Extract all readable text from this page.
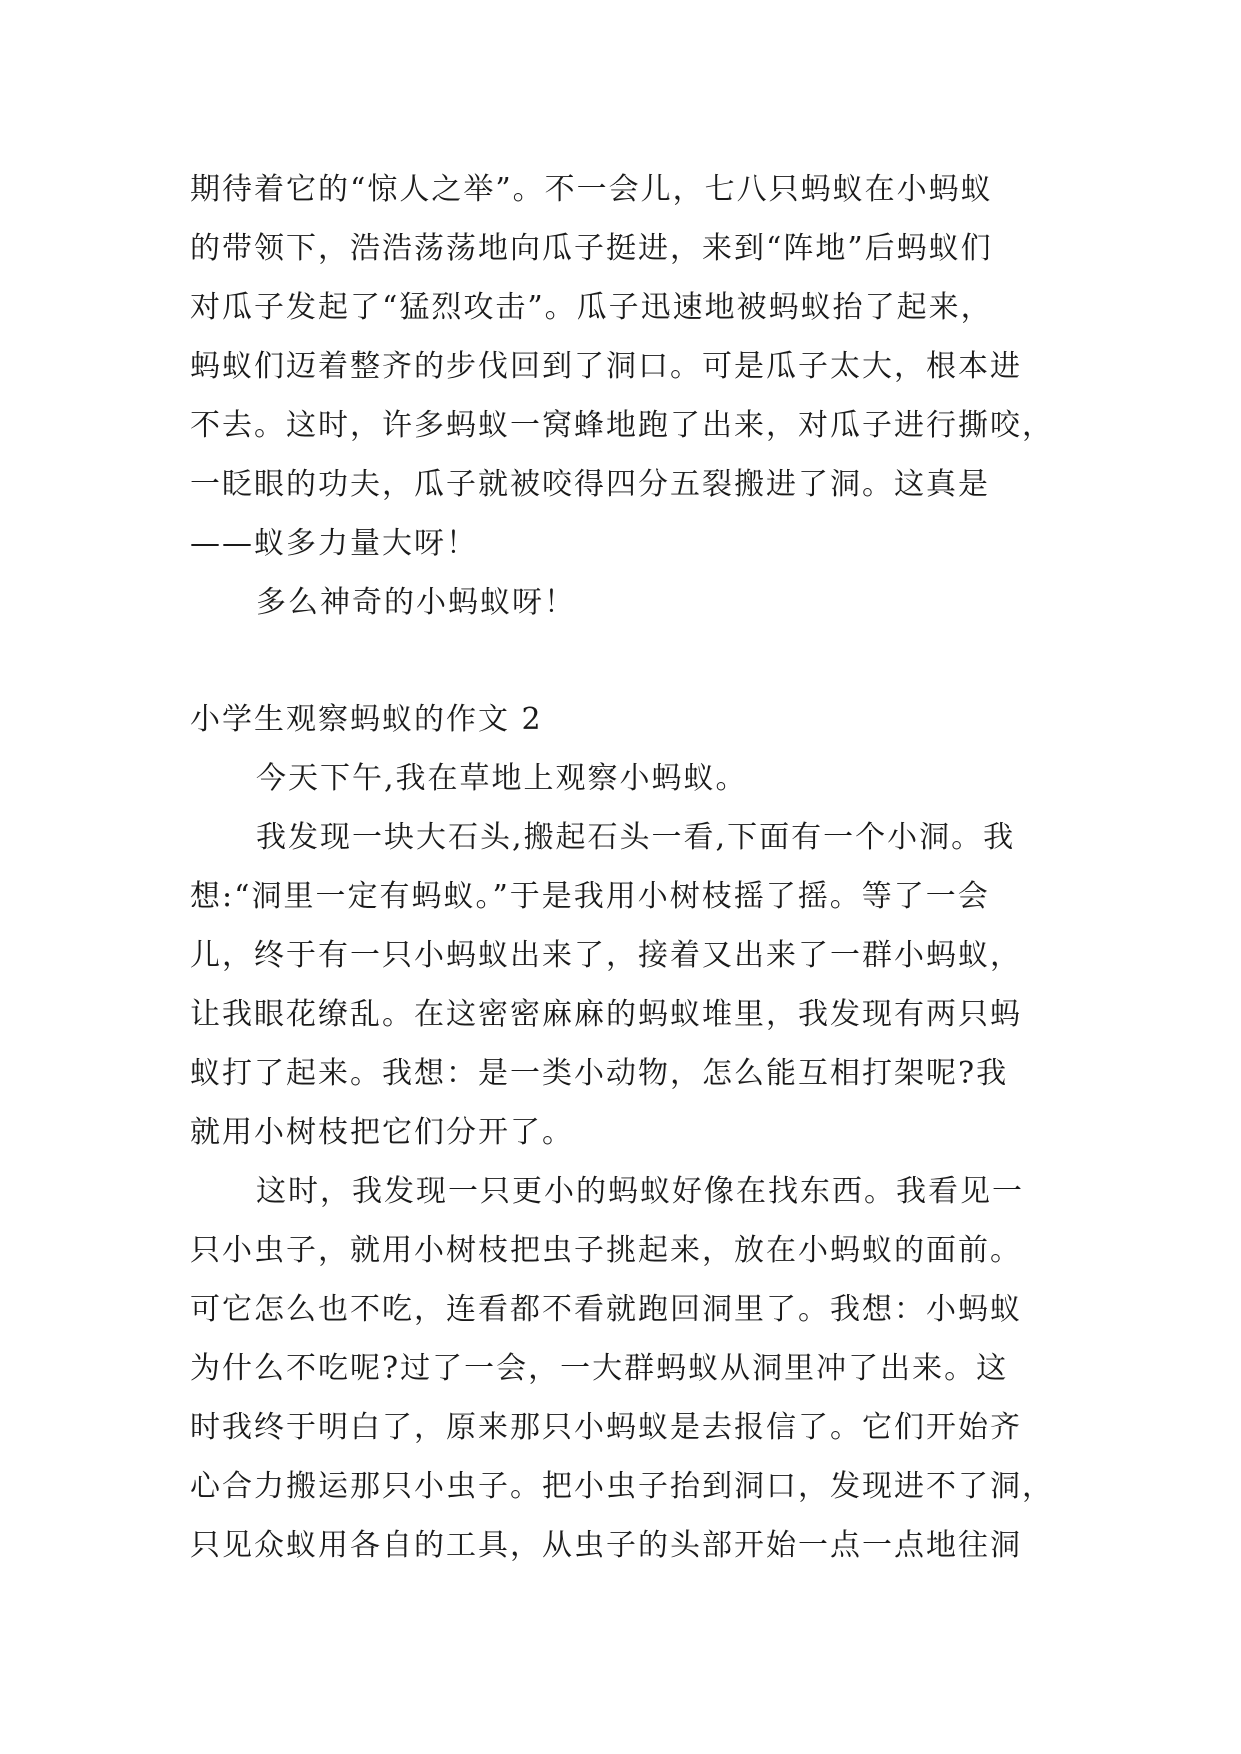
期待着它的“惊人之举”。不一会儿，七八只蚂蚁在小蚂蚁
的带领下，浩浩荡荡地向瓜子挺进，来到“阵地”后蚂蚁们
对瓜子发起了“猛烈攻击”。瓜子迅速地被蚂蚁抬了起来，
蚂蚁们迈着整齐的步伐回到了洞口。可是瓜子太大，根本进
不去。这时，许多蚂蚁一窝蜂地跑了出来，对瓜子进行撕咬，
一眨眼的功夫，瓜子就被咬得四分五裂搬进了洞。这真是
——蚁多力量大呀！
多么神奇的小蚂蚁呀！
小学生观察蚂蚁的作文 2
今天下午,我在草地上观察小蚂蚁。
我发现一块大石头,搬起石头一看,下面有一个小洞。我
想:“洞里一定有蚂蚁。”于是我用小树枝摇了摇。等了一会
儿，终于有一只小蚂蚁出来了，接着又出来了一群小蚂蚁，
让我眼花缭乱。在这密密麻麻的蚂蚁堆里，我发现有两只蚂
蚁打了起来。我想：是一类小动物，怎么能互相打架呢?我
就用小树枝把它们分开了。
这时，我发现一只更小的蚂蚁好像在找东西。我看见一
只小虫子，就用小树枝把虫子挑起来，放在小蚂蚁的面前。
可它怎么也不吃，连看都不看就跑回洞里了。我想：小蚂蚁
为什么不吃呢?过了一会，一大群蚂蚁从洞里冲了出来。这
时我终于明白了，原来那只小蚂蚁是去报信了。它们开始齐
心合力搬运那只小虫子。把小虫子抬到洞口，发现进不了洞，
只见众蚁用各自的工具，从虫子的头部开始一点一点地往洞
